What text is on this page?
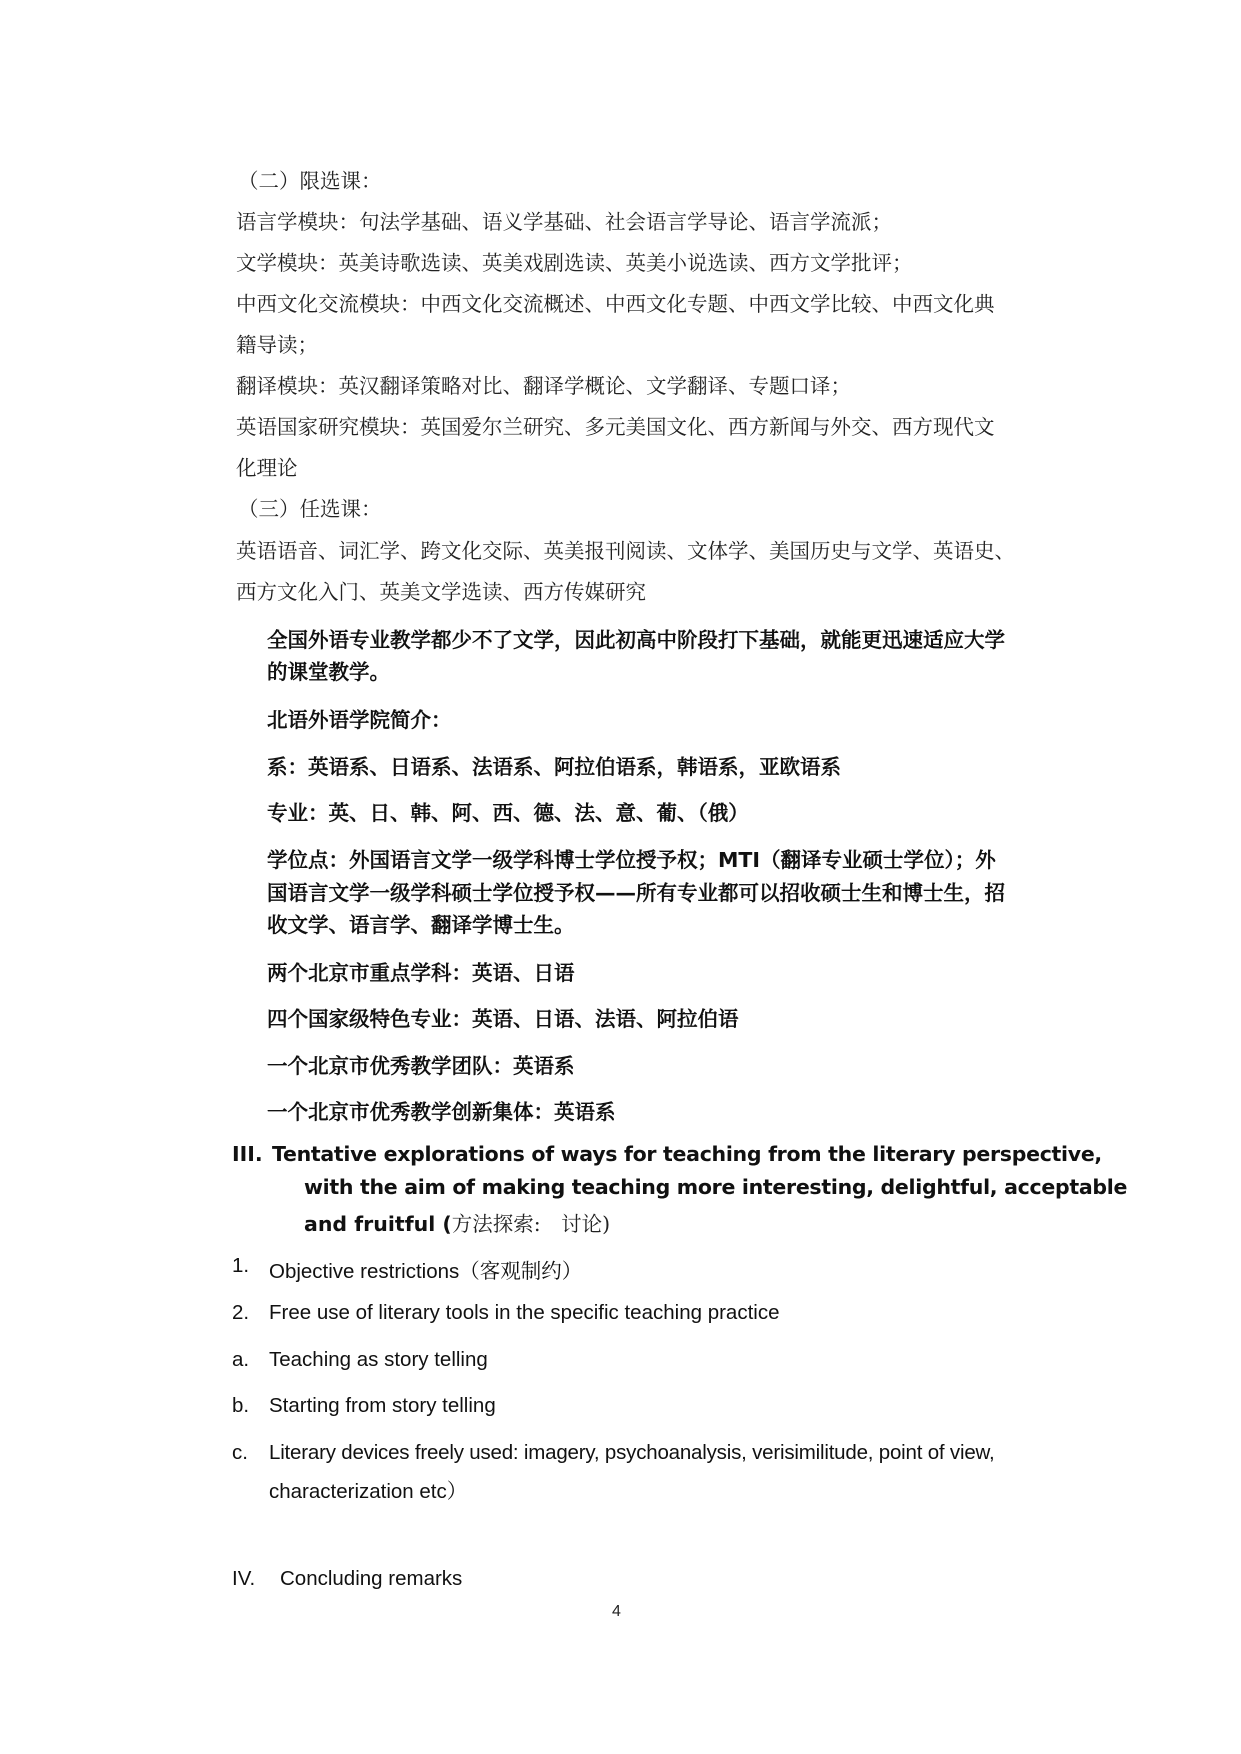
（二）限选课：
语言学模块：句法学基础、语义学基础、社会语言学导论、语言学流派；
文学模块：英美诗歌选读、英美戏剧选读、英美小说选读、西方文学批评；
中西文化交流模块：中西文化交流概述、中西文化专题、中西文学比较、中西文化典
籍导读；
翻译模块：英汉翻译策略对比、翻译学概论、文学翻译、专题口译；
英语国家研究模块：英国爱尔兰研究、多元美国文化、西方新闻与外交、西方现代文
化理论
（三）任选课：
英语语音、词汇学、跨文化交际、英美报刊阅读、文体学、美国历史与文学、英语史、
西方文化入门、英美文学选读、西方传媒研究
全国外语专业教学都少不了文学，因此初高中阶段打下基础，就能更迅速适应大学
的课堂教学。
北语外语学院简介：
系：英语系、日语系、法语系、阿拉伯语系，韩语系，亚欧语系
专业：英、日、韩、阿、西、德、法、意、葡、（俄）
学位点：外国语言文学一级学科博士学位授予权；MTI（翻译专业硕士学位）；外
国语言文学一级学科硕士学位授予权——所有专业都可以招收硕士生和博士生，招
收文学、语言学、翻译学博士生。
两个北京市重点学科：英语、日语
四个国家级特色专业：英语、日语、法语、阿拉伯语
一个北京市优秀教学团队：英语系
一个北京市优秀教学创新集体：英语系
III. Tentative explorations of ways for teaching from the literary perspective,
with the aim of making teaching more interesting, delightful, acceptable
and fruitful (方法探索:　讨论)
1. Objective restrictions（客观制约）
2. Free use of literary tools in the specific teaching practice
a. Teaching as story telling
b. Starting from story telling
c. Literary devices freely used: imagery, psychoanalysis, verisimilitude, point of view,
characterization etc）
IV. Concluding remarks
4
